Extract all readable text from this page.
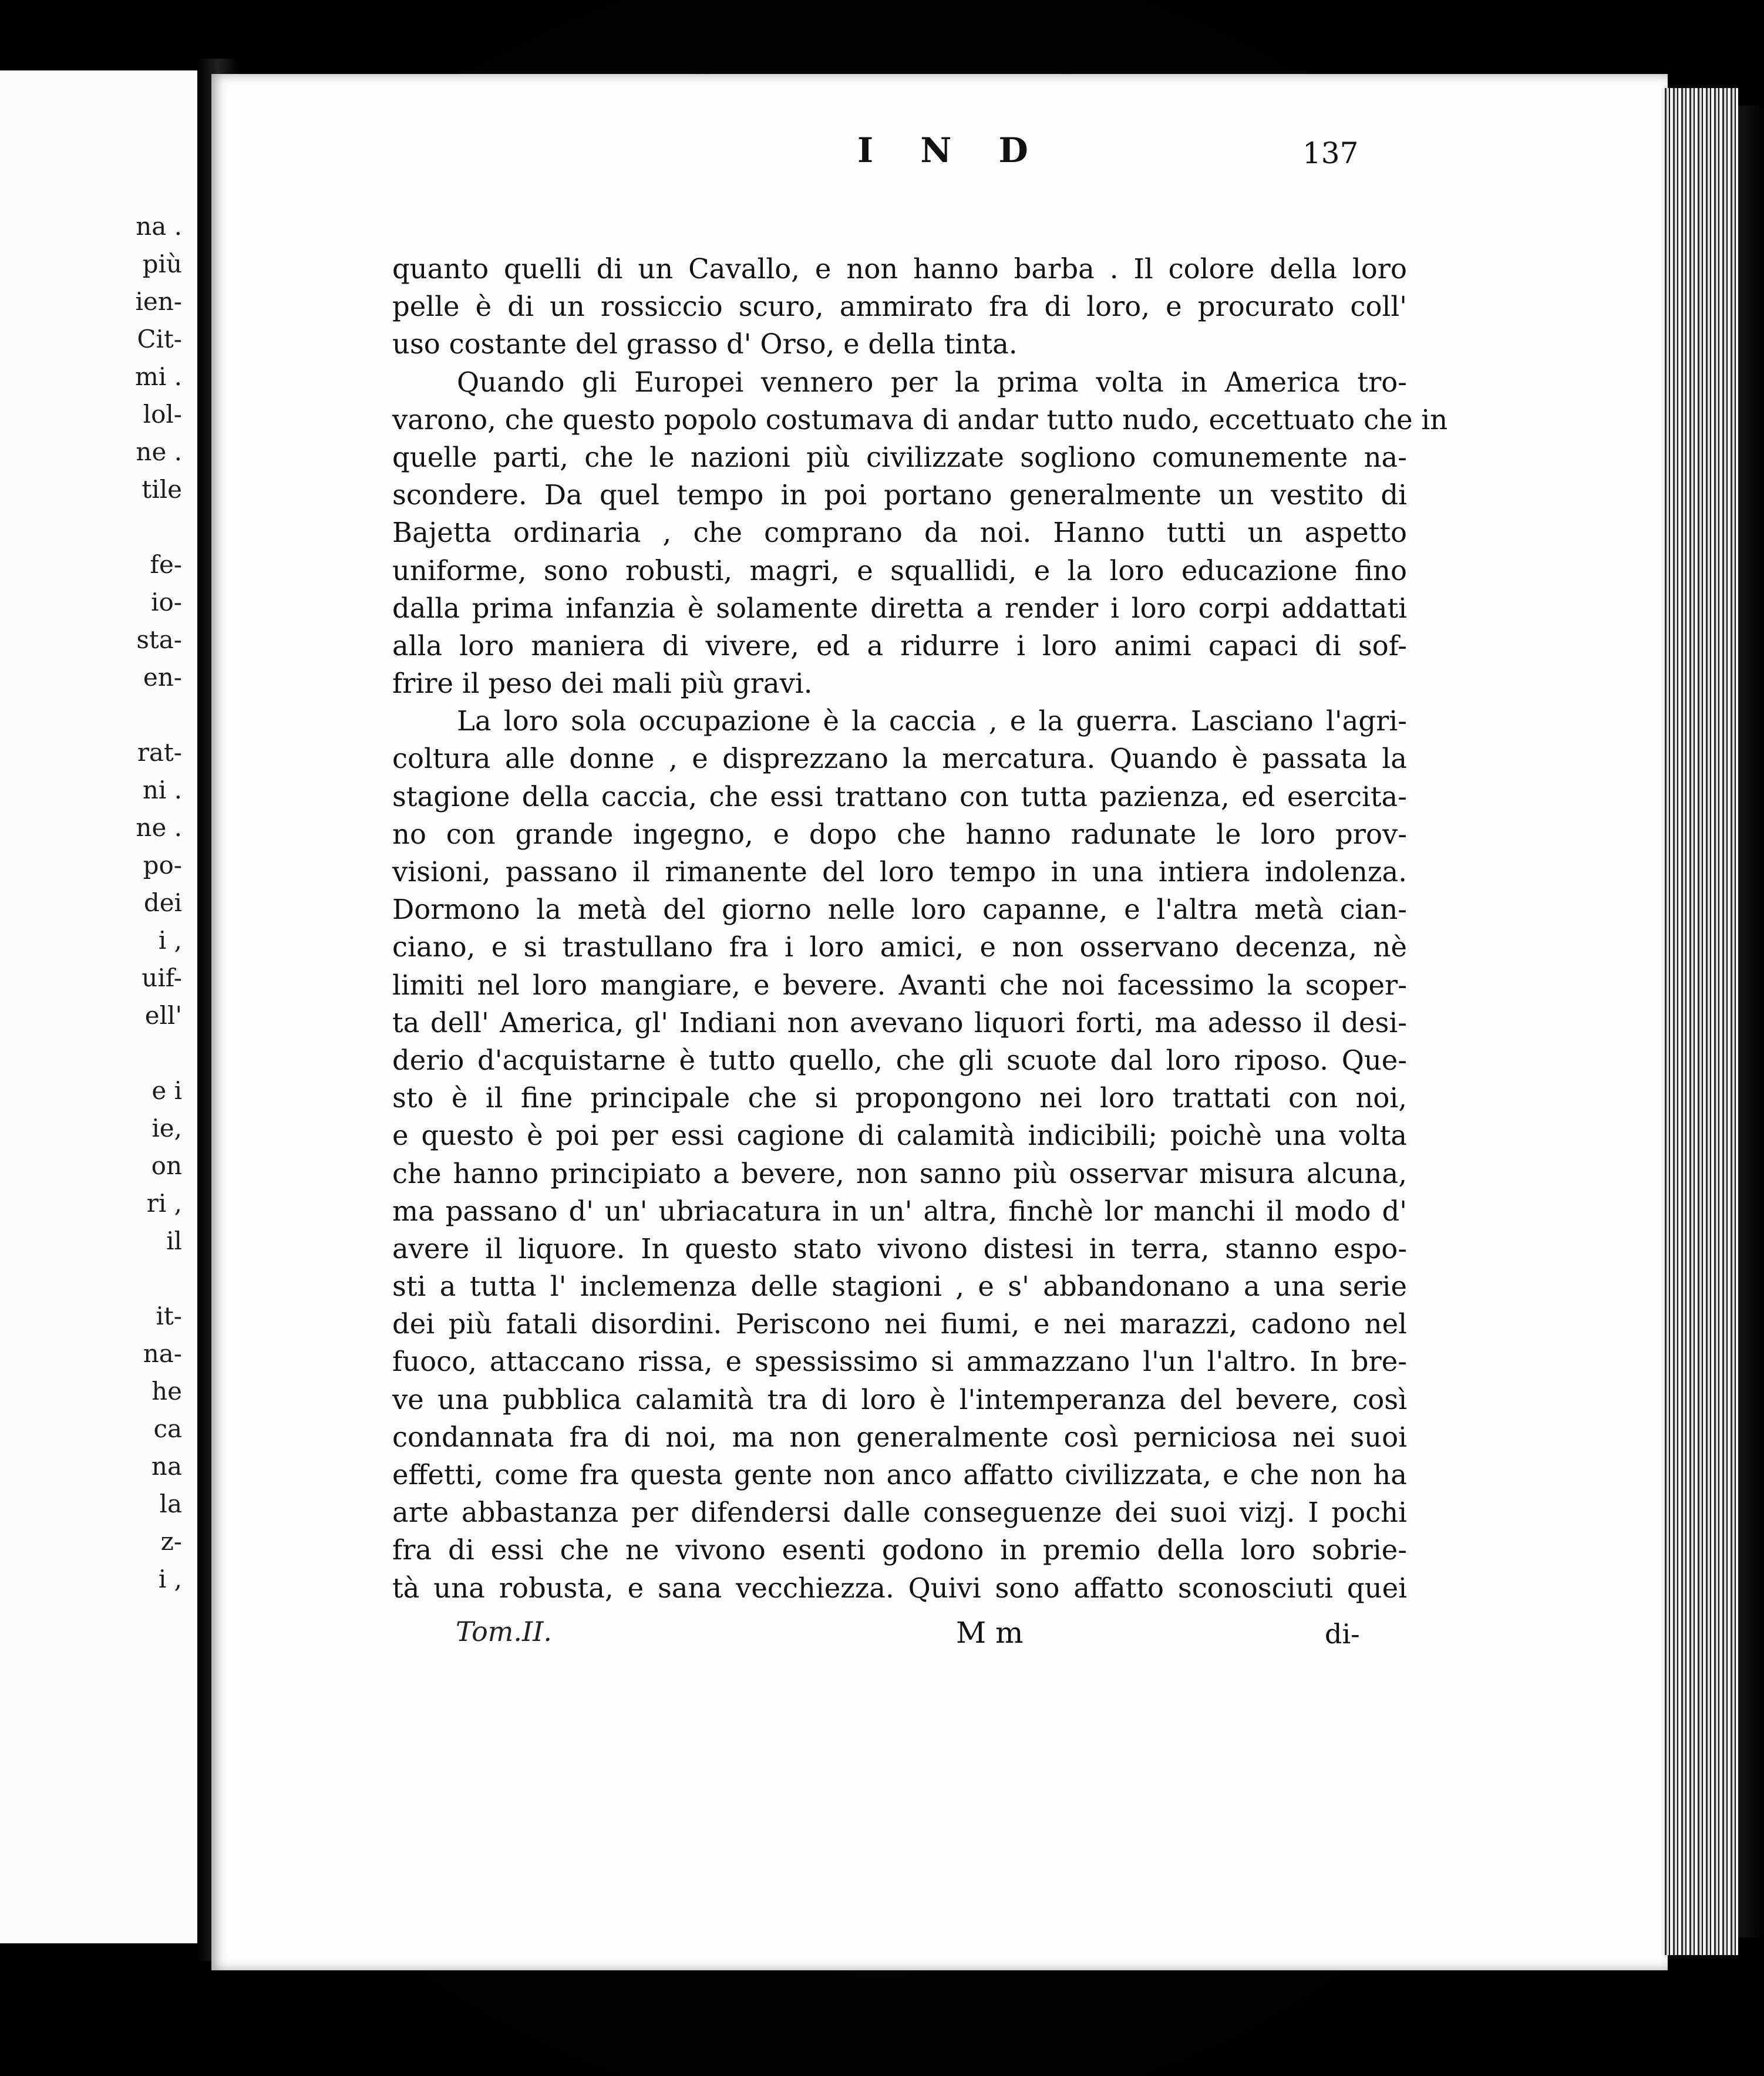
na .
più
ien-
Cit-
mi .
lol-
ne .
tile
fe-
io-
sta-
en-
rat-
ni .
ne .
po-
dei
i ,
uif-
ell'
e i
ie,
on
ri ,
il
it-
na-
he
ca
na
la
z-
i ,
I N D	137
quanto quelli di un Cavallo, e non hanno barba . Il colore della loro
pelle è di un rossiccio scuro, ammirato fra di loro, e procurato coll'
uso costante del grasso d' Orso, e della tinta.
Quando gli Europei vennero per la prima volta in America tro-
varono, che questo popolo costumava di andar tutto nudo, eccettuato che in
quelle parti, che le nazioni più civilizzate sogliono comunemente na-
scondere. Da quel tempo in poi portano generalmente un vestito di
Bajetta ordinaria , che comprano da noi. Hanno tutti un aspetto
uniforme, sono robusti, magri, e squallidi, e la loro educazione fino
dalla prima infanzia è solamente diretta a render i loro corpi addattati
alla loro maniera di vivere, ed a ridurre i loro animi capaci di sof-
frire il peso dei mali più gravi.
La loro sola occupazione è la caccia , e la guerra. Lasciano l'agri-
coltura alle donne , e disprezzano la mercatura. Quando è passata la
stagione della caccia, che essi trattano con tutta pazienza, ed esercita-
no con grande ingegno, e dopo che hanno radunate le loro prov-
visioni, passano il rimanente del loro tempo in una intiera indolenza.
Dormono la metà del giorno nelle loro capanne, e l'altra metà cian-
ciano, e si trastullano fra i loro amici, e non osservano decenza, nè
limiti nel loro mangiare, e bevere. Avanti che noi facessimo la scoper-
ta dell' America, gl' Indiani non avevano liquori forti, ma adesso il desi-
derio d'acquistarne è tutto quello, che gli scuote dal loro riposo. Que-
sto è il fine principale che si propongono nei loro trattati con noi,
e questo è poi per essi cagione di calamità indicibili; poichè una volta
che hanno principiato a bevere, non sanno più osservar misura alcuna,
ma passano d' un' ubriacatura in un' altra, finchè lor manchi il modo d'
avere il liquore. In questo stato vivono distesi in terra, stanno espo-
sti a tutta l' inclemenza delle stagioni , e s' abbandonano a una serie
dei più fatali disordini. Periscono nei fiumi, e nei marazzi, cadono nel
fuoco, attaccano rissa, e spessissimo si ammazzano l'un l'altro. In bre-
ve una pubblica calamità tra di loro è l'intemperanza del bevere, così
condannata fra di noi, ma non generalmente così perniciosa nei suoi
effetti, come fra questa gente non anco affatto civilizzata, e che non ha
arte abbastanza per difendersi dalle conseguenze dei suoi vizj. I pochi
fra di essi che ne vivono esenti godono in premio della loro sobrie-
tà una robusta, e sana vecchiezza. Quivi sono affatto sconosciuti quei
Tom.II.	M m	di-
